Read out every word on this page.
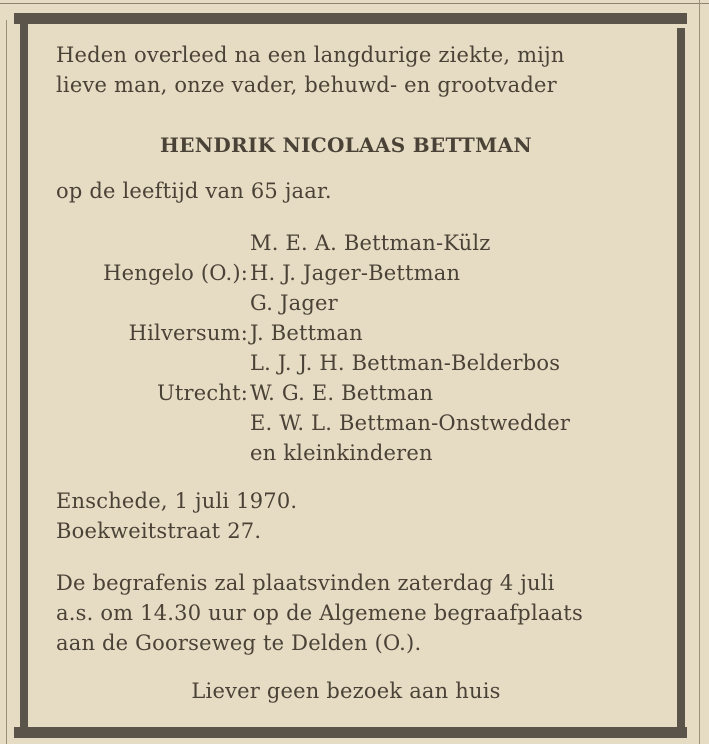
Heden overleed na een langdurige ziekte, mijn
lieve man, onze vader, behuwd- en grootvader
HENDRIK NICOLAAS BETTMAN
op de leeftijd van 65 jaar.
M. E. A. Bettman-Külz
Hengelo (O.): H. J. Jager-Bettman
G. Jager
Hilversum: J. Bettman
L. J. J. H. Bettman-Belderbos
Utrecht: W. G. E. Bettman
E. W. L. Bettman-Onstwedder
en kleinkinderen
Enschede, 1 juli 1970.
Boekweitstraat 27.
De begrafenis zal plaatsvinden zaterdag 4 juli
a.s. om 14.30 uur op de Algemene begraafplaats
aan de Goorseweg te Delden (O.).
Liever geen bezoek aan huis
